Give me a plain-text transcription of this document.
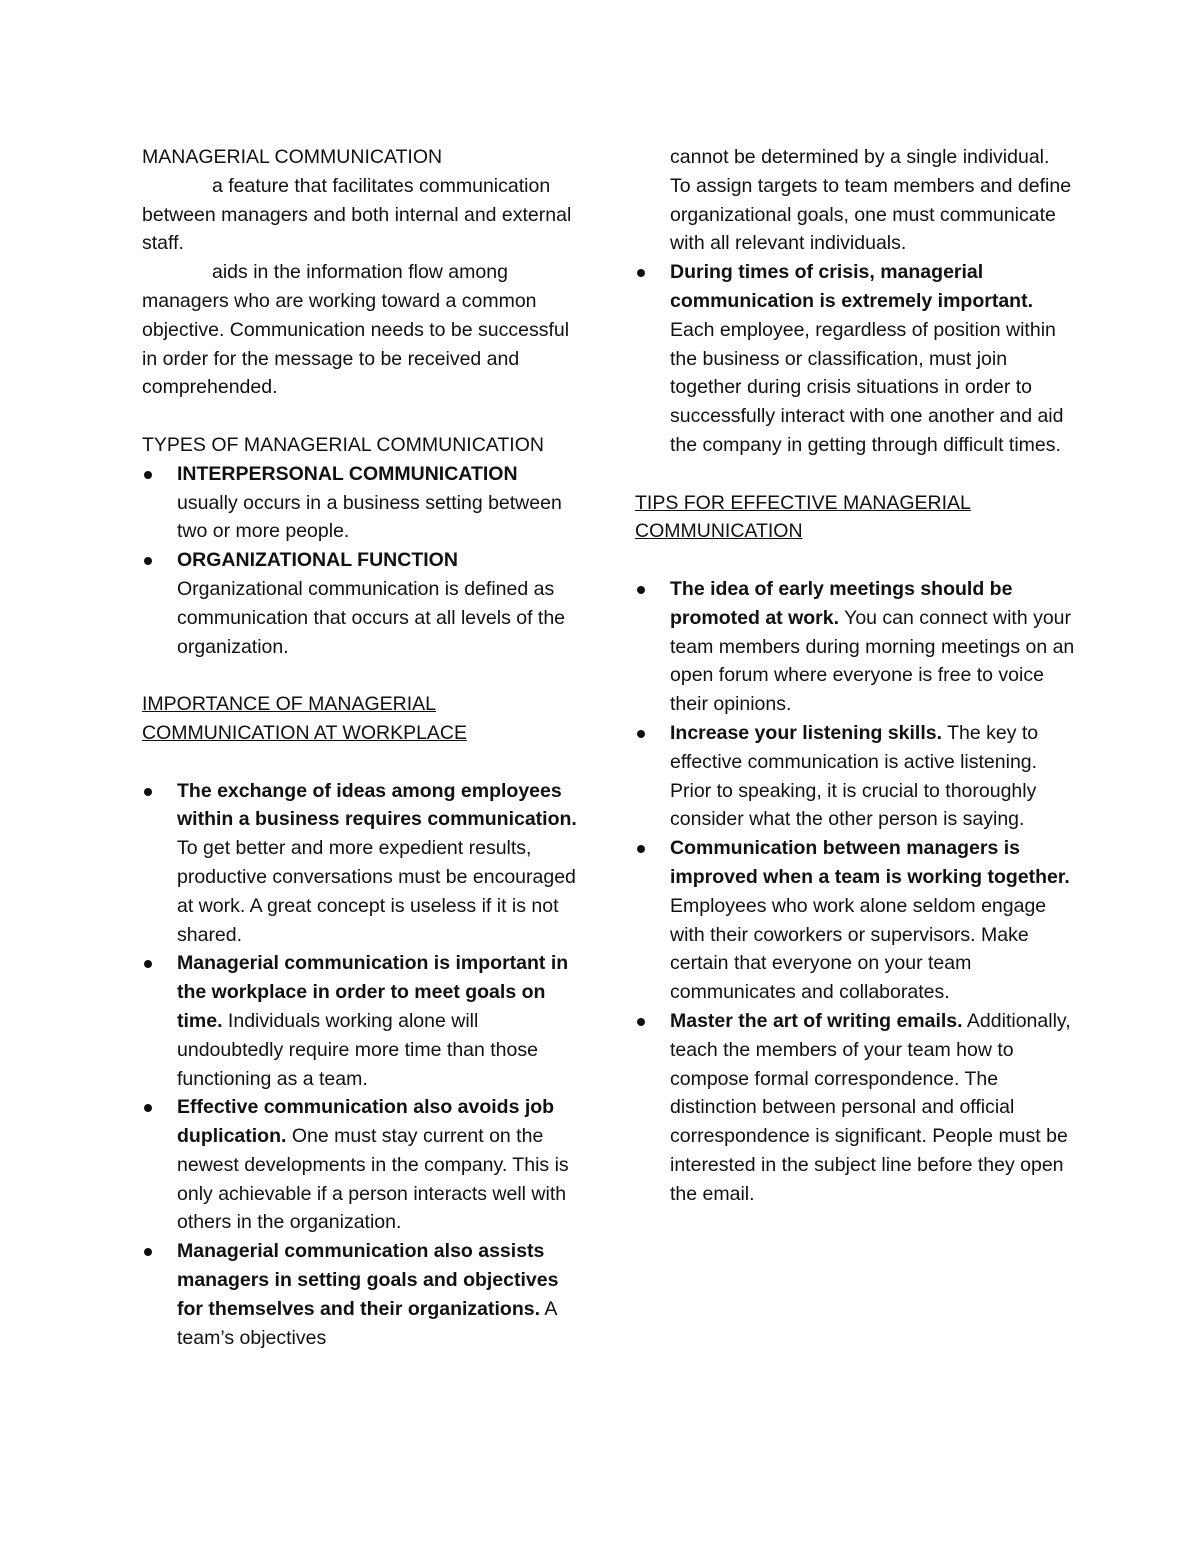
MANAGERIAL COMMUNICATION

a feature that facilitates communication between managers and both internal and external staff.

aids in the information flow among managers who are working toward a common objective. Communication needs to be successful in order for the message to be received and comprehended.

TYPES OF MANAGERIAL COMMUNICATION
INTERPERSONAL COMMUNICATION
usually occurs in a business setting between two or more people.
ORGANIZATIONAL FUNCTION
Organizational communication is defined as communication that occurs at all levels of the organization.
IMPORTANCE OF MANAGERIAL COMMUNICATION AT WORKPLACE
The exchange of ideas among employees within a business requires communication. To get better and more expedient results, productive conversations must be encouraged at work. A great concept is useless if it is not shared.
Managerial communication is important in the workplace in order to meet goals on time. Individuals working alone will undoubtedly require more time than those functioning as a team.
Effective communication also avoids job duplication. One must stay current on the newest developments in the company. This is only achievable if a person interacts well with others in the organization.
Managerial communication also assists managers in setting goals and objectives for themselves and their organizations. A team’s objectives

cannot be determined by a single individual. To assign targets to team members and define organizational goals, one must communicate with all relevant individuals.

During times of crisis, managerial communication is extremely important. Each employee, regardless of position within the business or classification, must join together during crisis situations in order to successfully interact with one another and aid the company in getting through difficult times.
TIPS FOR EFFECTIVE MANAGERIAL COMMUNICATION
The idea of early meetings should be promoted at work. You can connect with your team members during morning meetings on an open forum where everyone is free to voice their opinions.
Increase your listening skills. The key to effective communication is active listening. Prior to speaking, it is crucial to thoroughly consider what the other person is saying.
Communication between managers is improved when a team is working together. Employees who work alone seldom engage with their coworkers or supervisors. Make certain that everyone on your team communicates and collaborates.
Master the art of writing emails. Additionally, teach the members of your team how to compose formal correspondence. The distinction between personal and official correspondence is significant. People must be interested in the subject line before they open the email.
